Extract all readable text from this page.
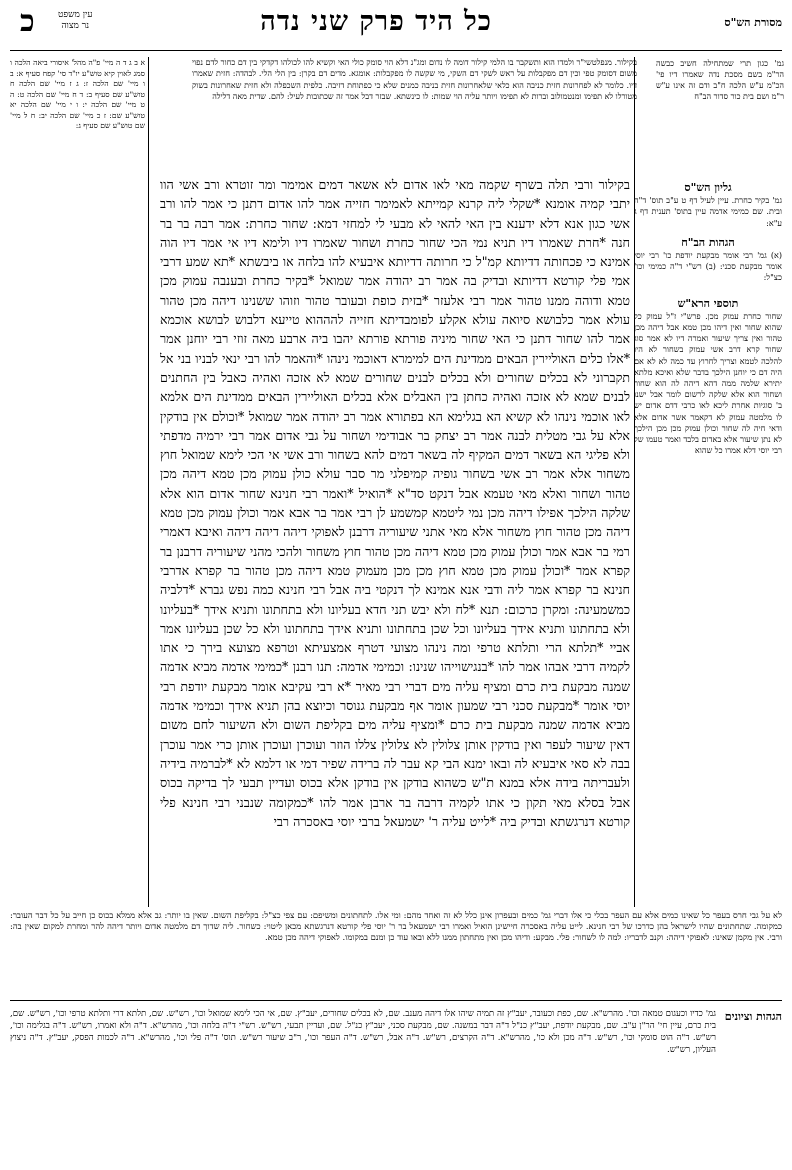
מסורת הש"ס
כל היד פרק שני נדה
עין משפט
נר מצוה
כ
גמ' כגון תרי שמתחילה חשיב כבשה הר"מ בשם מסכת נדה שאמרו דיו פי' הכ"מ ע"ש הלכה ח"ב ודם זה אינו ע"ש ר"מ ושם בית כור סדור הב"ח
בקילור. מנפלטשי"ר ולמדו הוא ותשקבר בו הלמי קילור דומה לו נדום ומג"נ דלא הוי סומק כולי האי וקשיא להו לכולהו דקדקי בין דם כחור לדם נפוי משום דסומק טפי וכין דם מפקבלות על ראש לשקי דם השקי, מי שקשה לו מפקבלות: אומגא. מדים דם בקרן: בין הלי הלי. לבהדה: חזית שאמרו דיו. כלומר לא לפחרונות חזית כניבה הוא כלאי שלאחרונות חזית בניבה כמנים שלא כי כפתוחת דזיבה. כלפית השכפלה ולא חזית שאחרונות בשוק מטורלו לא תפימו ומנטמולוב וברות לא תפימו ויותר עליה הוי שמות: לו כינשתא. שבזר דבל אמר זה שכתובות לעיל: להם. שדית מאה דלילה
א ב ג ד ה מיי' פ"ה מהל' איסורי ביאה הלכה ו סמג לאוין קיא טוש"ע יו"ד סי' קפח סעיף א: ב ו מיי' שם הלכה ז: ג ז מיי' שם הלכה ח טוש"ע שם סעיף ב: ד ח מיי' שם הלכה ט: ה ט מיי' שם הלכה י: ו י מיי' שם הלכה יא טוש"ע שם: ז כ מיי' שם הלכה יב: ח ל מיי' שם טוש"ע שם סעיף ג:
גליון הש"ס
גמ' בקיר כחרת. עיין לעיל דף ט ע"ב תוס' ד"ה ובית. שם כמימי אדמה עיין בתוס' תענית דף ג ע"א:
הגהות הב"ח
(א) גמ' רבי אומר מבקעת יודפת כו' רבי יוסי אומר מבקעת סכני: (ב) רש"י ד"ה כמימי וכו' כצ"ל:
תוספי הרא"ש
שחור כחרת עמוק מכן. פרש"י ז"ל עמוק כל שהוא שחור ואין דיהו מכן טמא אבל דיהה מכן טהור ואין צריך שיעור ואמרה דיו לא אמר סוג שחור קרא דרב אשי עמוק בשחור לא היו להלכה לטמא וצריך לחרוץ עד כמה לא לא אם היה דם כי יוחנן הילכך בדבר שלא ואיכא מלתא יתירא שלמה ממה דהא דיהה לה הוא שחור ושחור הוא אלא שלקה לרשום לומר אבל ישנו ב' סוגיות אחרת ליכא לאו כרבי דדם אדום יש לו מלמטה עמוק לא דקאמר אשר אדום אלא ודאי חיה לה שחור וכולן עמוק מכן מכן הילכך לא נתן שיעור אלא באדום בלבד ואמר טעמו של רבי יוסי דלא אמרו כל שהוא
בקילור ורבי תלה בשרף שקמה מאי לאו אדום לא אשאר דמים אמימר ומר זוטרא ורב אשי הוו יתבי קמיה אומנא *שקלי ליה קרנא קמייתא לאמימר חזייה אמר להו אדום דתנן כי אמר להו ורב אשי כגון אנא דלא ידענא בין האי להאי לא מבעי לי למחזי דמא: שחור כחרת: אמר רבה בר בר חנה *חרת שאמרו דיו תניא נמי הכי שחור כחרת ושחור שאמרו דיו ולימא דיו אי אמר דיו הוה אמינא כי פכחותה דדיותא קמ"ל כי חרותה דדיותא איבעיא להו בלחה או ביבשתא *תא שמע דרבי אמי פלי קורטא דדיותא ובדיק בה אמר רב יהודה אמר שמואל *בקיר כחרת ובענבה עמוק מכן טמא ודוהה ממנו טהור אמר רבי אלעזר *בזית כופת ובעובר טהור וזוהו ששנינו דיהה מכן טהור עולא אמר כלבושא סיואה עולא אקלע לפומבדיתא חזייה להההוא טייעא דלבוש לבושא אוכמא אמר להו שחור דתנן כי האי שחור מיניה פורתא פורתא יהבו ביה ארבע מאה זוזי רבי יוחנן אמר *אלו כלים האוליירין הבאים ממדינת הים למימרא דאוכמי נינהו *והאמר להו רבי ינאי לבניו בני אל תקברוני לא בכלים שחורים ולא בכלים לבנים שחורים שמא לא אזכה ואהיה כאבל בין החתנים לבנים שמא לא אזכה ואהיה כחתן בין האבלים אלא בכלים האוליירין הבאים ממדינת הים אלמא לאו אוכמי נינהו לא קשיא הא בגלימא הא בפתורא אמר רב יהודה אמר שמואל *וכולם אין בודקין אלא על גבי מטלית לבנה אמר רב יצחק בר אבודימי ושחור על גבי אדום אמר רבי ירמיה מדפתי ולא פליגי הא בשאר דמים המקיף לה בשאר דמים להא בשחור ורב אשי אי הכי לימא שמואל חוץ משחור אלא אמר רב אשי בשחור גופיה קמיפלגי מר סבר עולא כולן עמוק מכן טמא דיהה מכן טהור ושחור ואלא מאי טעמא אבל דנקט סד"א *הואיל *ואמר רבי חנינא שחור אדום הוא אלא שלקה הילכך אפילו דיהה מכן נמי ליטמא קמשמע לן רבי אמר בר אבא אמר וכולן עמוק מכן טמא דיהה מכן טהור חוץ משחור אלא מאי אתני שיעוריה דרבנן לאפוקי דיהה דיהה דיהה ואיבא דאמרי רמי בר אבא אמר וכולן עמוק מכן טמא דיהה מכן טהור חוץ משחור ולהכי מהני שיעוריה דרבנן בר קפרא אמר *וכולן עמוק מכן טמא חוץ מכן מכן מעמוק טמא דיהה מכן טהור בר קפרא אדרבי חנינא בר קפרא אמר ליה ודבי אנא אמינא לך דנקטי ביה אבל רבי חנינא כמה נפש גברא *דלביה כמשמעינה: ומקרן כרכום: תנא *לח ולא יבש תני חדא בעליונו ולא בתחתונו ותניא אידך *בעליונו ולא בתחתונו ותניא אידך בעליונו וכל שכן בתחתונו ותניא אידך בתחתונו ולא כל שכן בעליונו אמר אביי *תלתא הרי ותלתא טרפי ומה נינהו מצועי דטרף אמצעיתא וטרפא מצועא בירך כי אתו לקמיה דרבי אבהו אמר להו *בנגישוייהו שנינו: וכמימי אדמה: תנו רבנן *כמימי אדמה מביא אדמה שמנה מבקעת בית כרם ומציף עליה מים דברי רבי מאיר *א רבי עקיבא אומר מבקעת יודפת רבי יוסי אומר *מבקעת סכני רבי שמעון אומר אף מבקעת גנוסר וכיוצא בהן תניא אידך וכמימי אדמה מביא אדמה שמנה מבקעת בית כרם *ומציף עליה מים בקליפת השום ולא השיעור לחם משום דאין שיעור לעפר ואין בודקין אותן צלולין לא צלולין צללו הוזר ועוכרן ועוכרן אותן כרי אמר עוכרן בבה לא סאי איבעיא לה ובאו ימנא הבי קא עבר לה ברידה שפיר דמי או דלמא לא *לברמיה בידיה ולעבריתה בידה אלא במנא ת"ש כשהוא בודקן אין בודקן אלא בכוס ועדיין תבעי לך בדיקה בכוס אבל בסלא מאי תקון כי אתו לקמיה דרבה בר ארבן אמר להו *כמקומה שנבני רבי חנינא פלי קורטא דנרגשתא ובדיק ביה *לייט עליה ר' ישמעאל ברבי יוסי באסכרה רבי
לא על גבי חרס בעפר כל שאינו כמים אלא עם העפר בכלי כי אלו דברי גמ' כמים ובעפרון אינן כלל לא זה ואחד מהם: ומי אלו. לתחתונים ומשיפם: עם צפי כצ"ל: בקליפת השום. שאין בו יותר: גב אלא ממלא בכוס כן חייב על כל דבר העובר: כמקומה. שתחתונים שהיו לישראל בהן כדרכו של רבי חנינא. לייט עליה באסכרה חיישינן הואיל ואמרו רבי ישמעאל בר ר' יוסי פלי קורטא דנרגשתא מכאן ליטוי: כשחור. ליה שדוך דם מלמטה אדום ויותר דיהה להר ומחרת למקום שאין בה: ורבי. אין מקמן שאינו: לאפוקי דיהה: וקנב לדבריו: למה לו לשחור: פלי. מבקע: ודיהו מכן ואין מתחתון ממנו ללא ובאו עוד כן ומנם במקומו. לאפוקי דיהה מכן טמא.
הגהות וציונים
גמ' כדיו וכעגום טמאה וכו'. מהרש"א. שם, כפת וכעובר, יעב"ץ זה תמיה שיהו אלו דיהה מענב. שם, לא בכלים שחורים, יעב"ץ. שם, אי הכי לימא שמואל וכו', רש"ש. שם, תלתא דרי ותלתא טרפי וכו', רש"ש. שם, בית כרם, עיין חי' הר"ן ע"ב. שם, מבקעת יודפת, יעב"ץ כנ"ל ד"ה דבר במשנה. שם, מבקעת סכני, יעב"ץ כנ"ל. שם, ועדיין תבעי, רש"ש. רש"י ד"ה בלחה וכו', מהרש"א. ד"ה ולא ואמרו, רש"ש. ד"ה בגלימה וכו', רש"ש. ד"ה הוט סומקי וכו', רש"ש. ד"ה מכן ולא כו', מהרש"א. ד"ה הקרצים, רש"ש. ד"ה אבל, רש"ש. ד"ה העפר וכו', ר"ב שיעור רש"ש. תוס' ד"ה פלי וכו', מהרש"א. ד"ה לכמות הפסק, יעב"ץ. ד"ה ניצוץ העליון, רש"ש.
